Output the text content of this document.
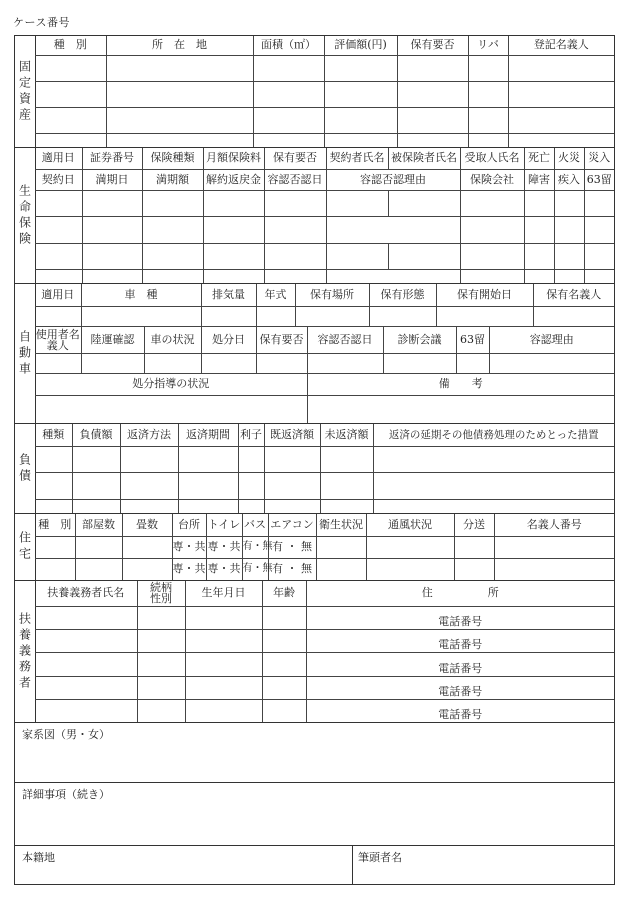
ケース番号
固定資産
種　別	所　在　地	面積（㎡）	評価額(円)	保有要否	リバ	登記名義人

生命保険
適用日	証券番号	保険種類	月額保険料	保有要否	契約者氏名	被保険者氏名	受取人氏名	死亡	火災	災入
契約日	満期日	満期額	解約返戻金	容認否認日	容認否認理由		保険会社	障害	疾入	63留

自動車
適用日	車　種		排気量	年式	保有場所		保有形態		保有開始日			保有名義人

使用者名義人	陸運確認	車の状況	処分日	保有要否		容認否認日		診断会議		63留	容認理由	

処分指導の状況						備　　考						

負債
種類	負債額	返済方法	返済期間	利子	既返済額	未返済額	返済の延期その他債務処理のためとった措置

住宅
種　別	部屋数	畳数	台所	トイレ	バス	エアコン	衛生状況	通風状況	分送	名義人番号
			専・共	専・共	有・無	有 ・ 無				
			専・共	専・共	有・無	有 ・ 無				
扶養義務者
扶養義務者氏名	続柄性別	生年月日	年齢	住　　　　　所
				電話番号
				電話番号
				電話番号
				電話番号
				電話番号
家系図（男・女）
詳細事項（続き）
本籍地	筆頭者名
